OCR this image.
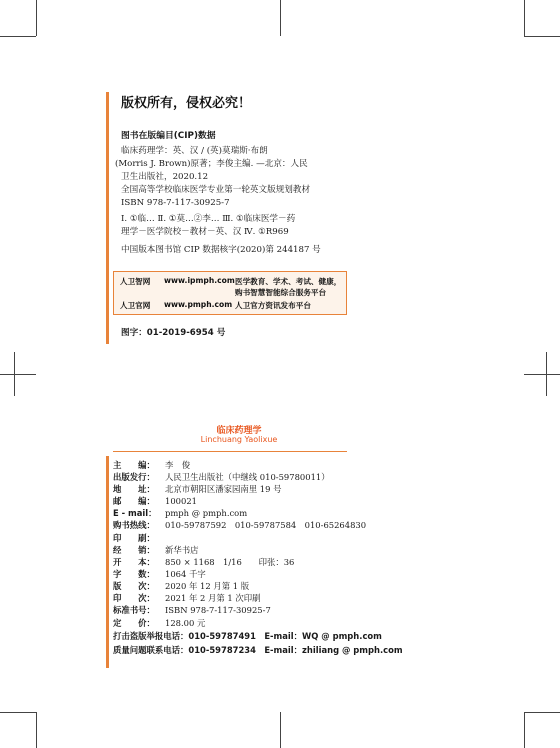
版权所有，侵权必究！
图书在版编目(CIP)数据
临床药理学：英、汉 / (英)莫瑞斯·布朗
(Morris J. Brown)原著；李俊主编. —北京：人民
卫生出版社，2020.12
全国高等学校临床医学专业第一轮英文版规划教材
ISBN 978-7-117-30925-7
Ⅰ. ①临… Ⅱ. ①莫…②李… Ⅲ. ①临床医学－药
理学－医学院校－教材－英、汉 Ⅳ. ①R969
中国版本图书馆 CIP 数据核字(2020)第 244187 号
人卫智网 www.ipmph.com 医学教育、学术、考试、健康，
购书智慧智能综合服务平台
人卫官网 www.pmph.com 人卫官方资讯发布平台
图字：01-2019-6954 号
临床药理学
Linchuang Yaolixue
主　　编： 李　俊
出版发行： 人民卫生出版社（中继线 010-59780011）
地　　址： 北京市朝阳区潘家园南里 19 号
邮　　编： 100021
E - mail： pmph @ pmph.com
购书热线： 010-59787592　010-59787584　010-65264830
印　　刷：
经　　销： 新华书店
开　　本： 850 × 1168　1/16　　印张：36
字　　数： 1064 千字
版　　次： 2020 年 12 月第 1 版
印　　次： 2021 年 2 月第 1 次印刷
标准书号： ISBN 978-7-117-30925-7
定　　价： 128.00 元
打击盗版举报电话：010-59787491　E-mail：WQ @ pmph.com
质量问题联系电话：010-59787234　E-mail：zhiliang @ pmph.com
